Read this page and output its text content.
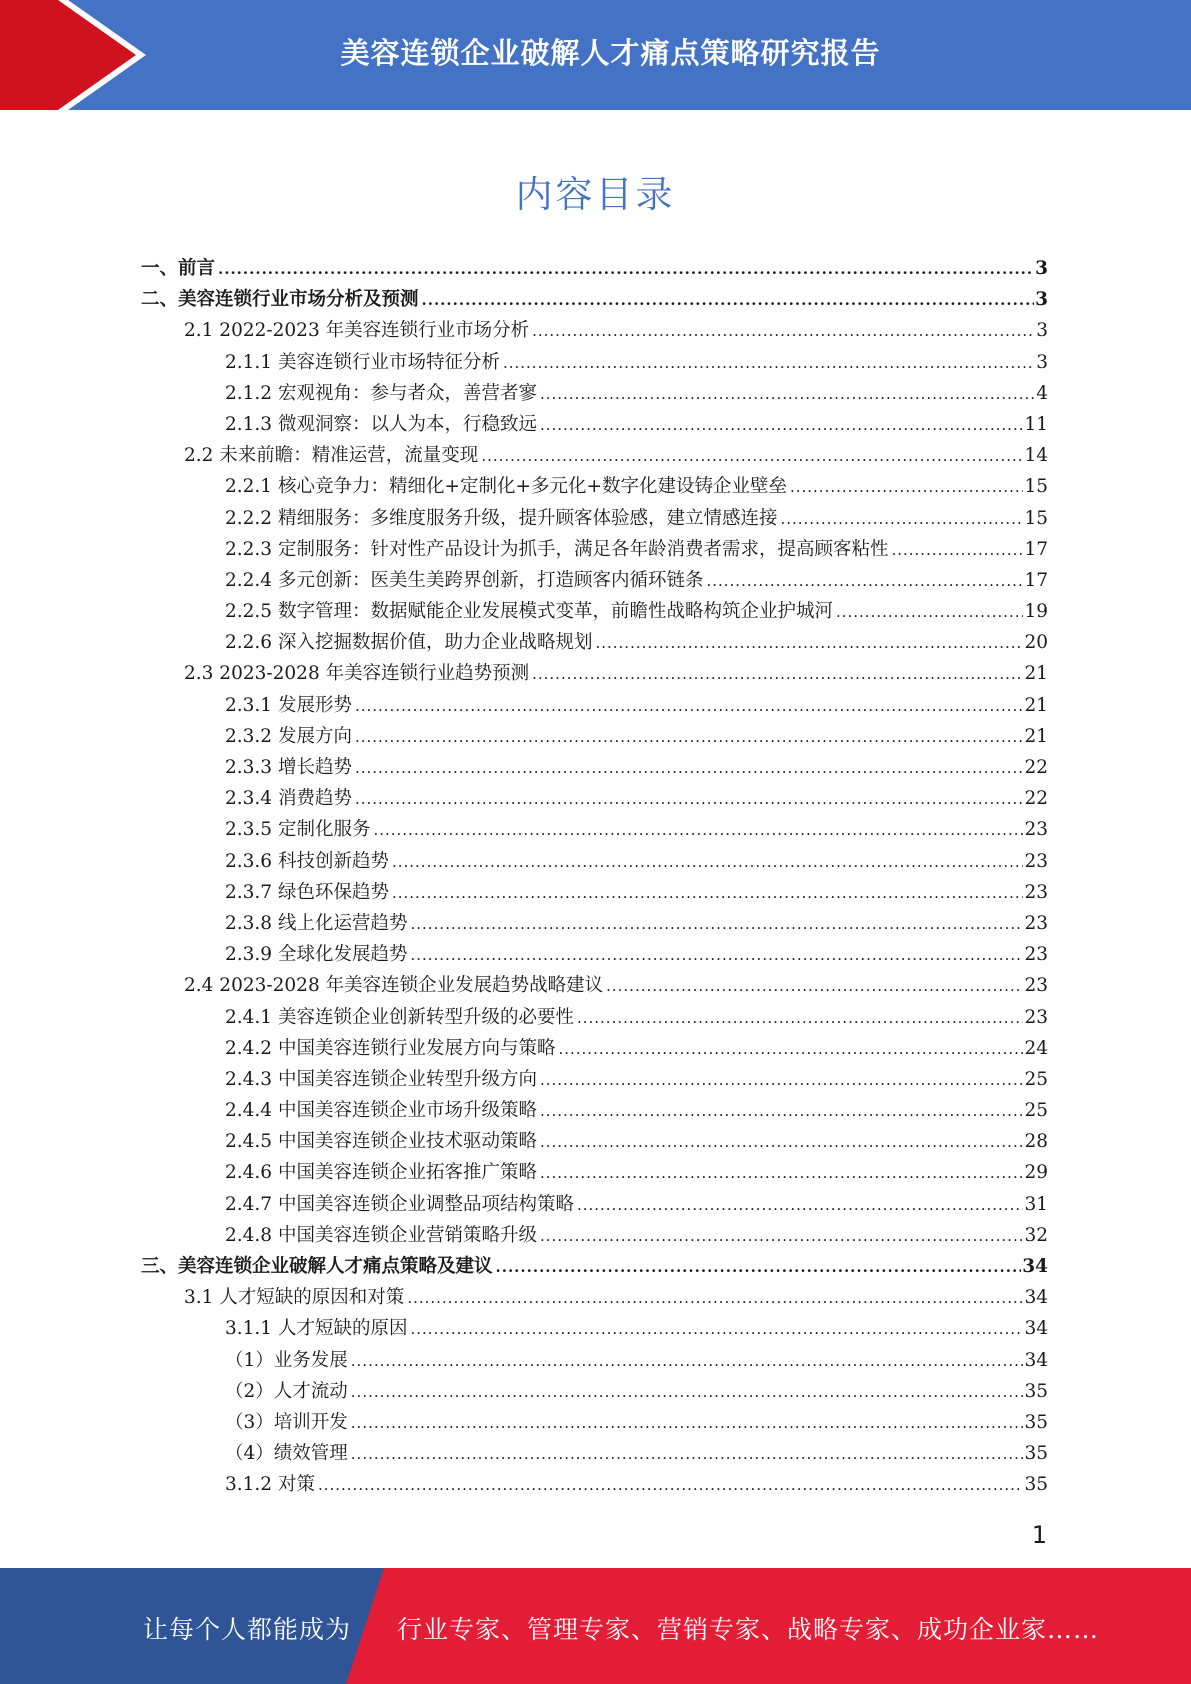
美容连锁企业破解人才痛点策略研究报告
内容目录
一、前言 .....	3
二、美容连锁行业市场分析及预测 .....	3
2.1 2022-2023 年美容连锁行业市场分析 .....	3
2.1.1 美容连锁行业市场特征分析 .....	3
2.1.2 宏观视角：参与者众，善营者寥 .....	4
2.1.3 微观洞察：以人为本，行稳致远 .....	11
2.2 未来前瞻：精准运营，流量变现 .....	14
2.2.1 核心竞争力：精细化+定制化+多元化+数字化建设铸企业壁垒 .....	15
2.2.2 精细服务：多维度服务升级，提升顾客体验感，建立情感连接 .....	15
2.2.3 定制服务：针对性产品设计为抓手，满足各年龄消费者需求，提高顾客粘性 .....	17
2.2.4 多元创新：医美生美跨界创新，打造顾客内循环链条 .....	17
2.2.5 数字管理：数据赋能企业发展模式变革，前瞻性战略构筑企业护城河 .....	19
2.2.6 深入挖掘数据价值，助力企业战略规划 .....	20
2.3 2023-2028 年美容连锁行业趋势预测 .....	21
2.3.1 发展形势 .....	21
2.3.2 发展方向 .....	21
2.3.3 增长趋势 .....	22
2.3.4 消费趋势 .....	22
2.3.5 定制化服务 .....	23
2.3.6 科技创新趋势 .....	23
2.3.7 绿色环保趋势 .....	23
2.3.8 线上化运营趋势 .....	23
2.3.9 全球化发展趋势 .....	23
2.4 2023-2028 年美容连锁企业发展趋势战略建议 .....	23
2.4.1 美容连锁企业创新转型升级的必要性 .....	23
2.4.2 中国美容连锁行业发展方向与策略 .....	24
2.4.3 中国美容连锁企业转型升级方向 .....	25
2.4.4 中国美容连锁企业市场升级策略 .....	25
2.4.5 中国美容连锁企业技术驱动策略 .....	28
2.4.6 中国美容连锁企业拓客推广策略 .....	29
2.4.7 中国美容连锁企业调整品项结构策略 .....	31
2.4.8 中国美容连锁企业营销策略升级 .....	32
三、美容连锁企业破解人才痛点策略及建议 .....	34
3.1 人才短缺的原因和对策 .....	34
3.1.1 人才短缺的原因 .....	34
（1）业务发展 .....	34
（2）人才流动 .....	35
（3）培训开发 .....	35
（4）绩效管理 .....	35
3.1.2 对策 .....	35
1
让每个人都能成为 行业专家、管理专家、营销专家、战略专家、成功企业家……
